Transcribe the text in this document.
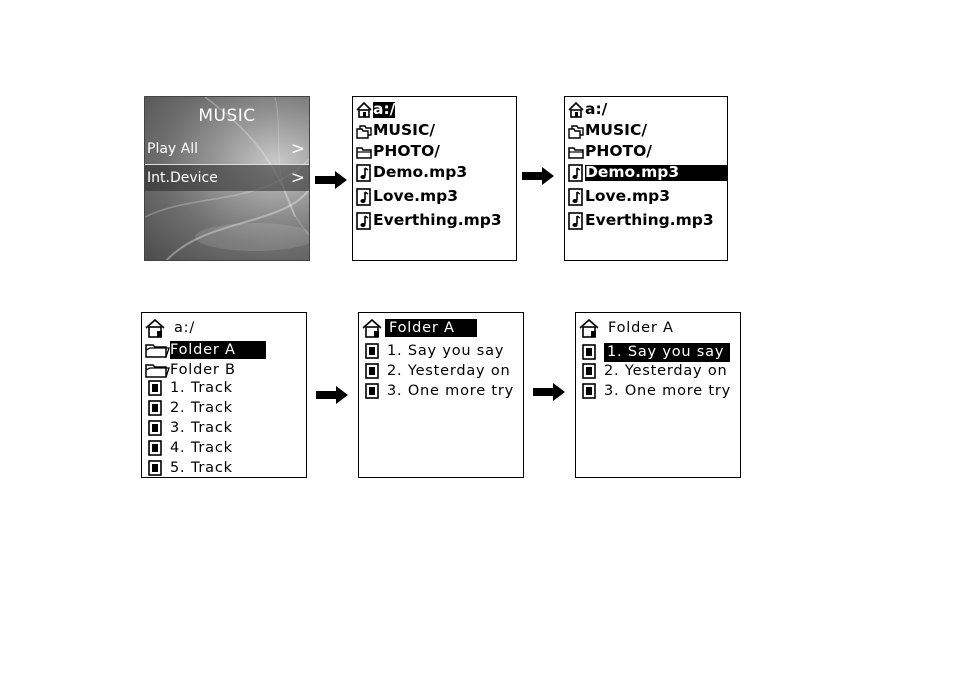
MUSIC
Play All	>
Int.Device	>
a:/
MUSIC/
PHOTO/
Demo.mp3
Love.mp3
Everthing.mp3
a:/
MUSIC/
PHOTO/
Demo.mp3
Love.mp3
Everthing.mp3
a:/
Folder A
Folder B
1. Track
2. Track
3. Track
4. Track
5. Track
Folder A
1. Say you say
2. Yesterday on
3. One more try
Folder A
1. Say you say
2. Yesterday on
3. One more try
